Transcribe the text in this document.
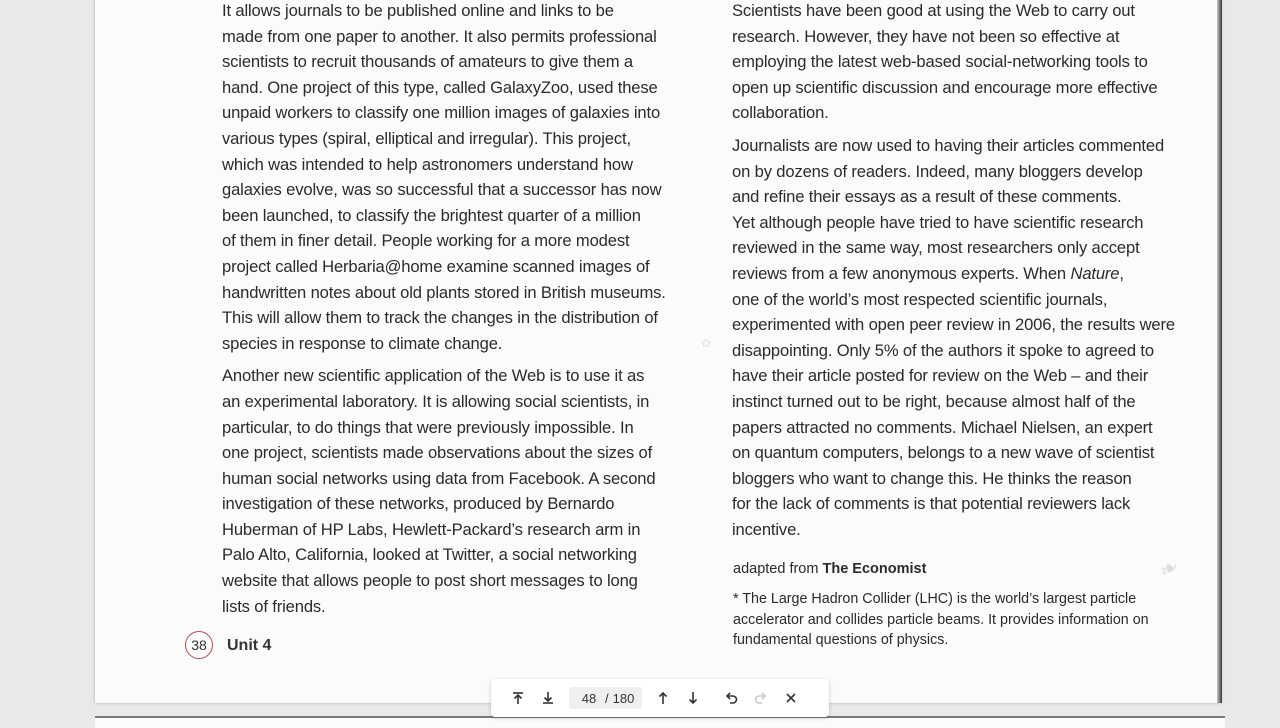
It allows journals to be published online and links to be
made from one paper to another. It also permits professional
scientists to recruit thousands of amateurs to give them a
hand. One project of this type, called GalaxyZoo, used these
unpaid workers to classify one million images of galaxies into
various types (spiral, elliptical and irregular). This project,
which was intended to help astronomers understand how
galaxies evolve, was so successful that a successor has now
been launched, to classify the brightest quarter of a million
of them in finer detail. People working for a more modest
project called Herbaria@home examine scanned images of
handwritten notes about old plants stored in British museums.
This will allow them to track the changes in the distribution of
species in response to climate change.

Another new scientific application of the Web is to use it as
an experimental laboratory. It is allowing social scientists, in
particular, to do things that were previously impossible. In
one project, scientists made observations about the sizes of
human social networks using data from Facebook. A second
investigation of these networks, produced by Bernardo
Huberman of HP Labs, Hewlett-Packard’s research arm in
Palo Alto, California, looked at Twitter, a social networking
website that allows people to post short messages to long
lists of friends.

Scientists have been good at using the Web to carry out
research. However, they have not been so effective at
employing the latest web-based social-networking tools to
open up scientific discussion and encourage more effective
collaboration.

Journalists are now used to having their articles commented
on by dozens of readers. Indeed, many bloggers develop
and refine their essays as a result of these comments.
Yet although people have tried to have scientific research
reviewed in the same way, most researchers only accept
reviews from a few anonymous experts. When Nature,
one of the world’s most respected scientific journals,
experimented with open peer review in 2006, the results were
disappointing. Only 5% of the authors it spoke to agreed to
have their article posted for review on the Web – and their
instinct turned out to be right, because almost half of the
papers attracted no comments. Michael Nielsen, an expert
on quantum computers, belongs to a new wave of scientist
bloggers who want to change this. He thinks the reason
for the lack of comments is that potential reviewers lack
incentive.

✩
❧
adapted from The Economist
* The Large Hadron Collider (LHC) is the world’s largest particle accelerator and collides particle beams. It provides information on fundamental questions of physics.
38	Unit 4
48
/ 180
